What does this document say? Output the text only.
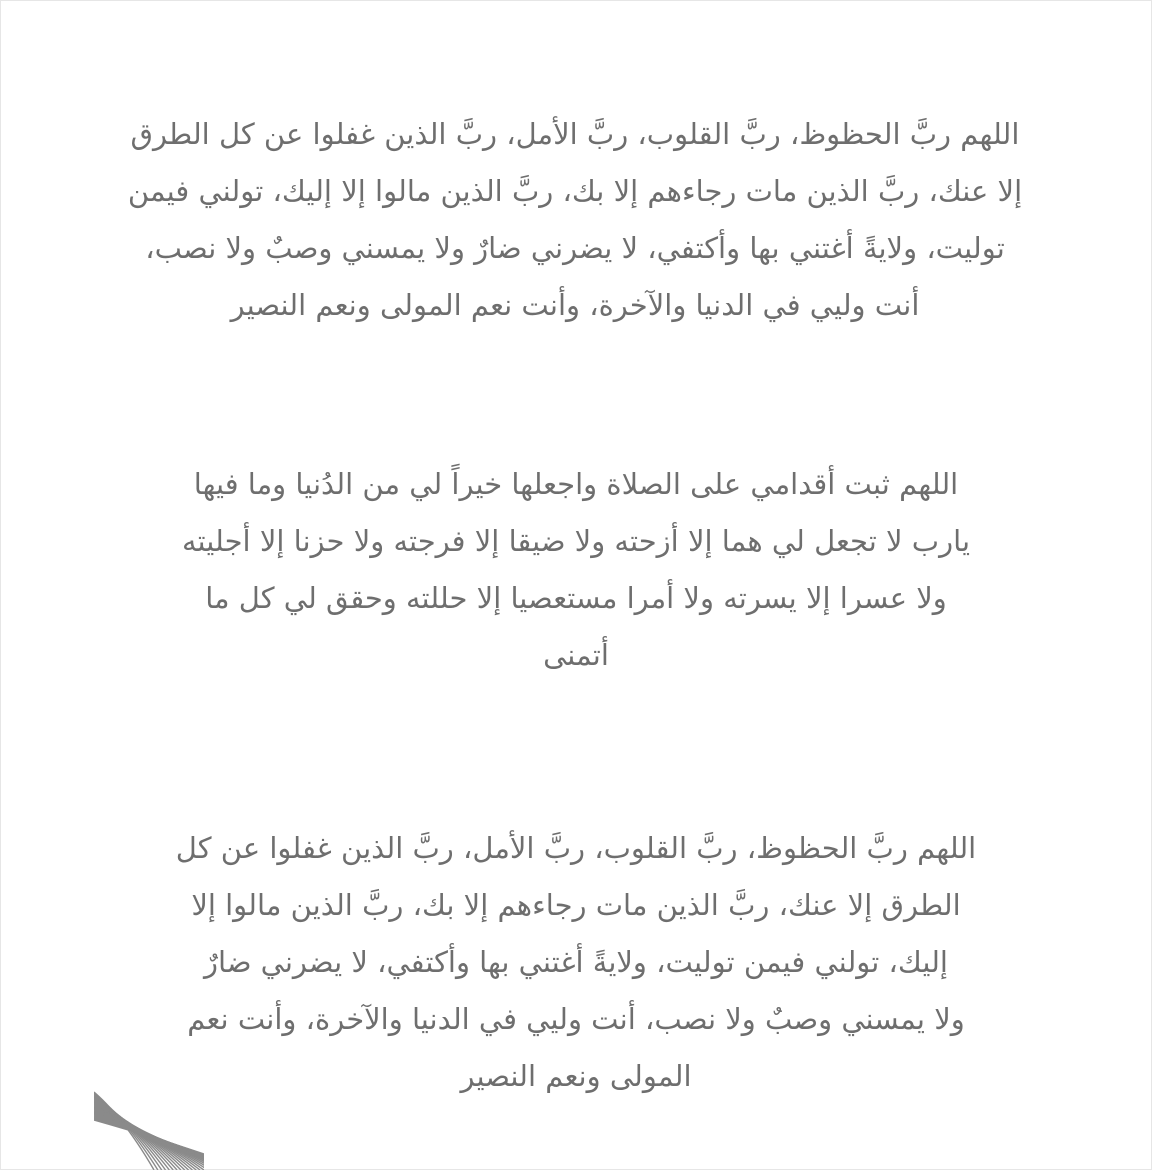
اللهم ربَّ الحظوظ، ربَّ القلوب، ربَّ الأمل، ربَّ الذين غفلوا عن كل الطرق
إلا عنك، ربَّ الذين مات رجاءهم إلا بك، ربَّ الذين مالوا إلا إليك، تولني فيمن
توليت، ولايةً أغتني بها وأكتفي، لا يضرني ضارٌ ولا يمسني وصبٌ ولا نصب،
أنت وليي في الدنيا والآخرة، وأنت نعم المولى ونعم النصير
اللهم ثبت أقدامي على الصلاة واجعلها خيراً لي من الدُنيا وما فيها
يارب لا تجعل لي هما إلا أزحته ولا ضيقا إلا فرجته ولا حزنا إلا أجليته
ولا عسرا إلا يسرته ولا أمرا مستعصيا إلا حللته وحقق لي كل ما
أتمنى
اللهم ربَّ الحظوظ، ربَّ القلوب، ربَّ الأمل، ربَّ الذين غفلوا عن كل
الطرق إلا عنك، ربَّ الذين مات رجاءهم إلا بك، ربَّ الذين مالوا إلا
إليك، تولني فيمن توليت، ولايةً أغتني بها وأكتفي، لا يضرني ضارٌ
ولا يمسني وصبٌ ولا نصب، أنت وليي في الدنيا والآخرة، وأنت نعم
المولى ونعم النصير
